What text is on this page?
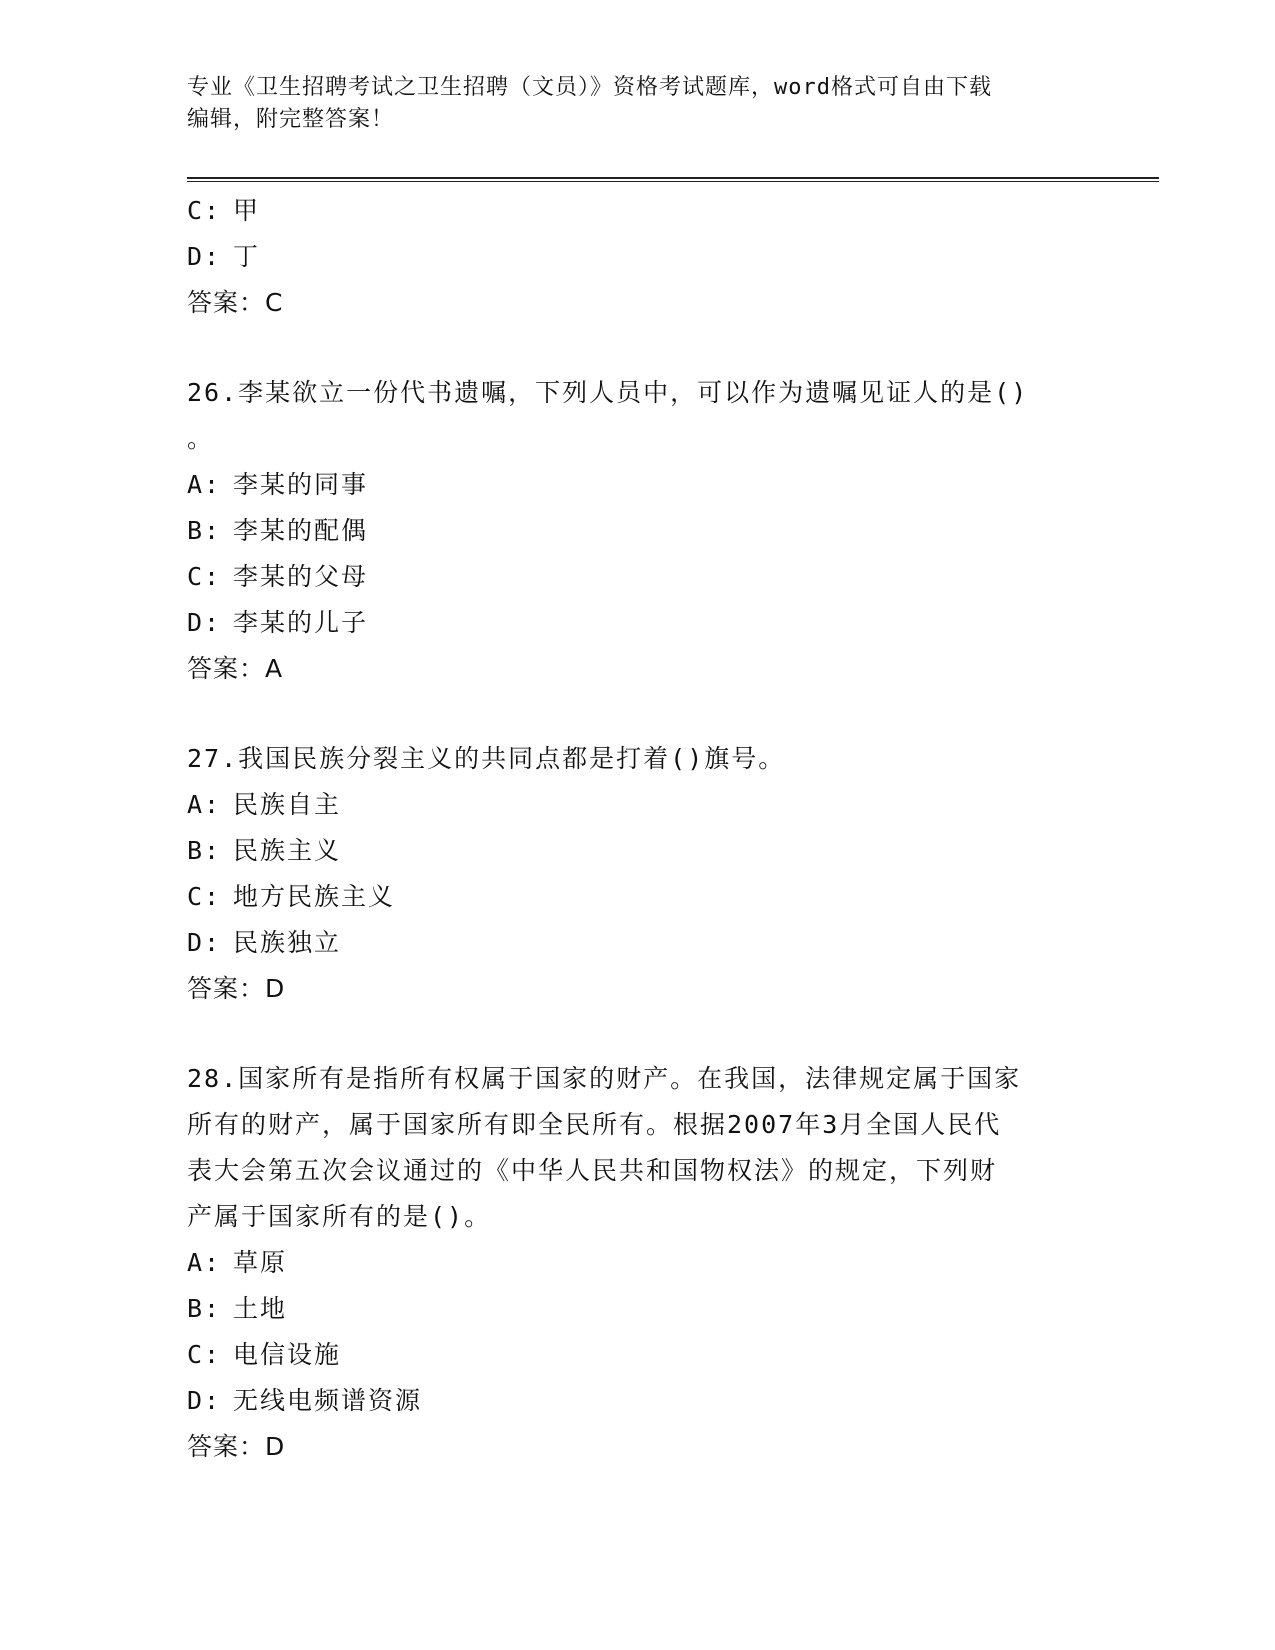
专业《卫生招聘考试之卫生招聘（文员）》资格考试题库，word格式可自由下载
编辑，附完整答案！
C: 甲
D: 丁
答案：C
26.李某欲立一份代书遗嘱，下列人员中，可以作为遗嘱见证人的是()
。
A: 李某的同事
B: 李某的配偶
C: 李某的父母
D: 李某的儿子
答案：A
27.我国民族分裂主义的共同点都是打着()旗号。
A: 民族自主
B: 民族主义
C: 地方民族主义
D: 民族独立
答案：D
28.国家所有是指所有权属于国家的财产。在我国，法律规定属于国家
所有的财产，属于国家所有即全民所有。根据2007年3月全国人民代
表大会第五次会议通过的《中华人民共和国物权法》的规定，下列财
产属于国家所有的是()。
A: 草原
B: 土地
C: 电信设施
D: 无线电频谱资源
答案：D
